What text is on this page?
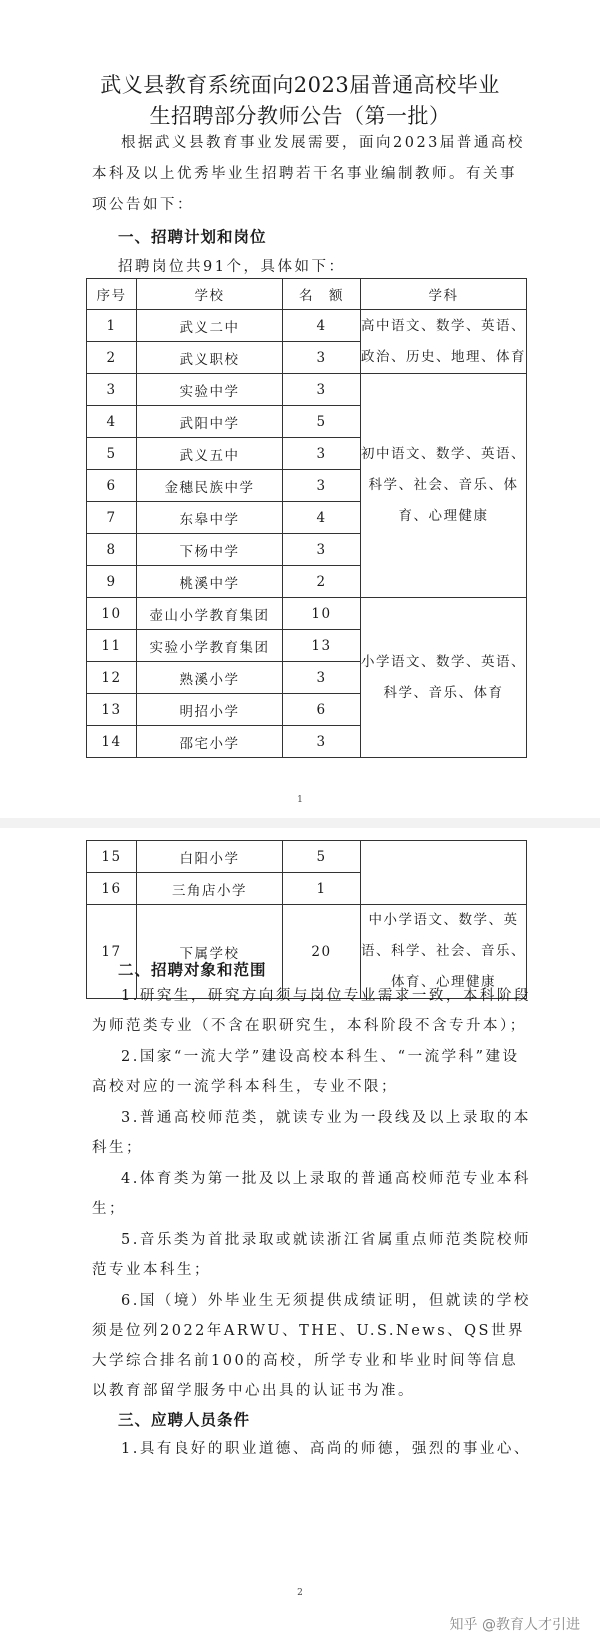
武义县教育系统面向2023届普通高校毕业
生招聘部分教师公告（第一批）
根据武义县教育事业发展需要，面向2023届普通高校本科及以上优秀毕业生招聘若干名事业编制教师。有关事项公告如下：
一、招聘计划和岗位
招聘岗位共91个，具体如下：
序号	学校	名　额	学科
1	武义二中	4	高中语文、数学、英语、政治、历史、地理、体育
2	武义职校	3	
3	实验中学	3	初中语文、数学、英语、科学、社会、音乐、体育、心理健康
4	武阳中学	5	
5	武义五中	3	
6	金穗民族中学	3	
7	东皋中学	4	
8	下杨中学	3	
9	桃溪中学	2	
10	壶山小学教育集团	10	小学语文、数学、英语、科学、音乐、体育
11	实验小学教育集团	13	
12	熟溪小学	3	
13	明招小学	6	
14	邵宅小学	3	
1
15	白阳小学	5	
16	三角店小学	1	
17	下属学校	20	中小学语文、数学、英语、科学、社会、音乐、体育、心理健康
二、招聘对象和范围
1.研究生，研究方向须与岗位专业需求一致，本科阶段为师范类专业（不含在职研究生，本科阶段不含专升本）；
2.国家“一流大学”建设高校本科生、“一流学科”建设高校对应的一流学科本科生，专业不限；
3.普通高校师范类，就读专业为一段线及以上录取的本科生；
4.体育类为第一批及以上录取的普通高校师范专业本科生；
5.音乐类为首批录取或就读浙江省属重点师范类院校师范专业本科生；
6.国（境）外毕业生无须提供成绩证明，但就读的学校须是位列2022年ARWU、THE、U.S.News、QS世界大学综合排名前100的高校，所学专业和毕业时间等信息以教育部留学服务中心出具的认证书为准。
三、应聘人员条件
1.具有良好的职业道德、高尚的师德，强烈的事业心、
2
知乎 @教育人才引进
